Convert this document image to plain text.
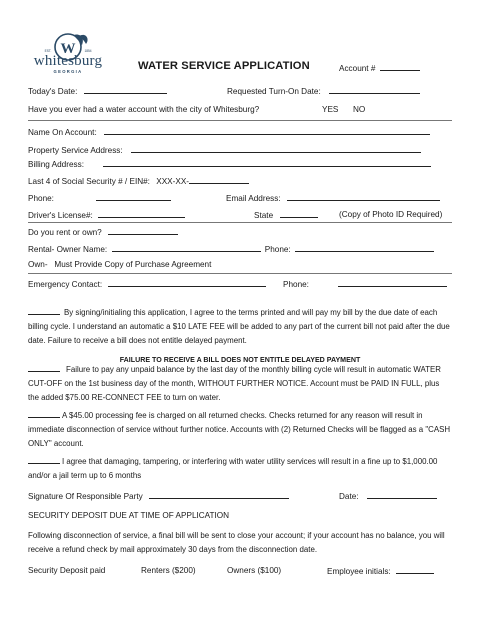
W
EST.	1854
whitesburg
GEORGIA	WATER SERVICE APPLICATION	Account #
Today's Date:	Requested Turn-On Date:
Have you ever had a water account with the city of Whitesburg?	YES NO
Name On Account:
Property Service Address:
Billing Address:
Last 4 of Social Security # / EIN#: XXX-XX-
Phone:	Email Address:
Driver's License#:	State	(Copy of Photo ID Required)
Do you rent or own?
Rental- Owner Name:	Phone:
Own-   Must Provide Copy of Purchase Agreement
Emergency Contact:	Phone:
By signing/initialing this application, I agree to the terms printed and will pay my bill by the due date of each billing cycle. I understand an automatic a $10 LATE FEE will be added to any part of the current bill not paid after the due date. Failure to receive a bill does not entitle delayed payment.
FAILURE TO RECEIVE A BILL DOES NOT ENTITLE DELAYED PAYMENT
Failure to pay any unpaid balance by the last day of the monthly billing cycle will result in automatic WATER CUT-OFF on the 1st business day of the month, WITHOUT FURTHER NOTICE. Account must be PAID IN FULL, plus the added $75.00 RE-CONNECT FEE to turn on water.
A $45.00 processing fee is charged on all returned checks. Checks returned for any reason will result in immediate disconnection of service without further notice. Accounts with (2) Returned Checks will be flagged as a "CASH ONLY" account.
I agree that damaging, tampering, or interfering with water utility services will result in a fine up to $1,000.00 and/or a jail term up to 6 months
Signature Of Responsible Party	Date:
SECURITY DEPOSIT DUE AT TIME OF APPLICATION
Following disconnection of service, a final bill will be sent to close your account; if your account has no balance, you will receive a refund check by mail approximately 30 days from the disconnection date.
Security Deposit paid	Renters ($200)	Owners ($100)	Employee initials:
